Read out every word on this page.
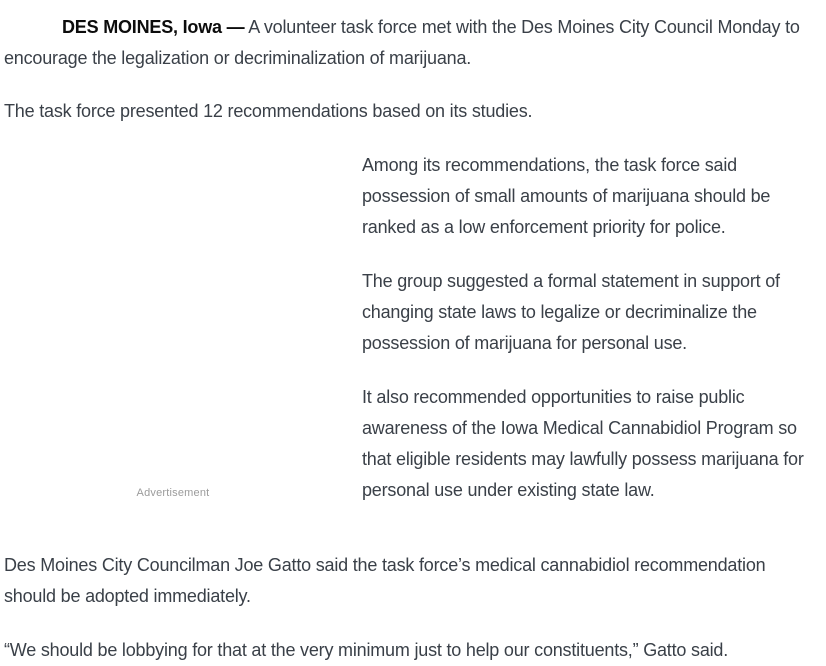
DES MOINES, Iowa — A volunteer task force met with the Des Moines City Council Monday to encourage the legalization or decriminalization of marijuana.

The task force presented 12 recommendations based on its studies.

Advertisement

Among its recommendations, the task force said possession of small amounts of marijuana should be ranked as a low enforcement priority for police.

The group suggested a formal statement in support of changing state laws to legalize or decriminalize the possession of marijuana for personal use.

It also recommended opportunities to raise public awareness of the Iowa Medical Cannabidiol Program so that eligible residents may lawfully possess marijuana for personal use under existing state law.

Des Moines City Councilman Joe Gatto said the task force’s medical cannabidiol recommendation should be adopted immediately.

“We should be lobbying for that at the very minimum just to help our constituents,” Gatto said.
